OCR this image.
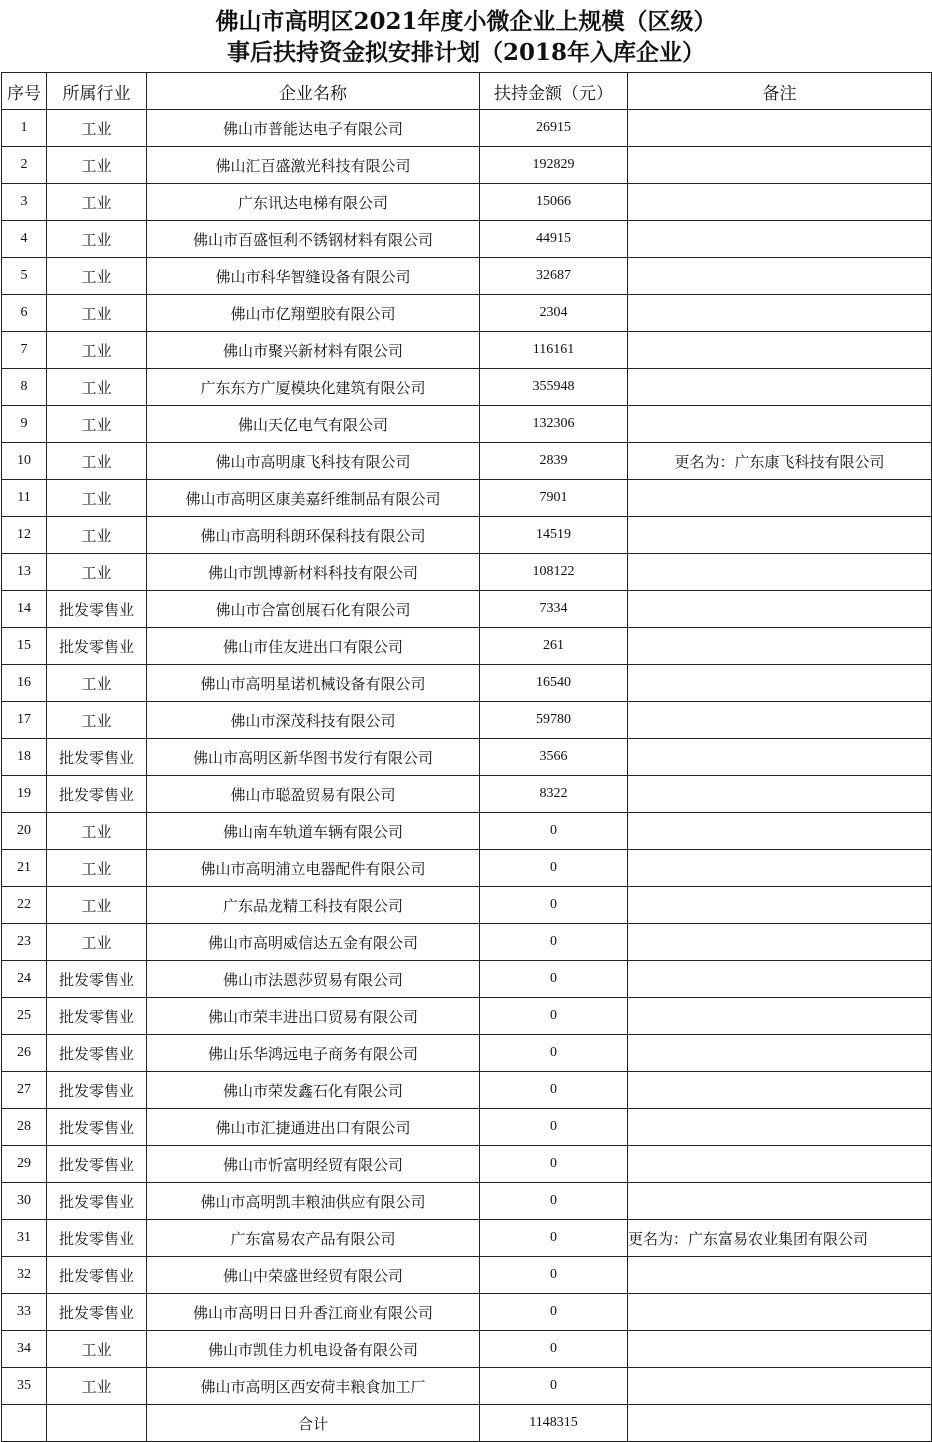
佛山市高明区2021年度小微企业上规模（区级）
事后扶持资金拟安排计划（2018年入库企业）
序号	所属行业	企业名称	扶持金额（元）	备注
1	工业	佛山市普能达电子有限公司	26915	
2	工业	佛山汇百盛激光科技有限公司	192829	
3	工业	广东讯达电梯有限公司	15066	
4	工业	佛山市百盛恒利不锈钢材料有限公司	44915	
5	工业	佛山市科华智缝设备有限公司	32687	
6	工业	佛山市亿翔塑胶有限公司	2304	
7	工业	佛山市聚兴新材料有限公司	116161	
8	工业	广东东方广厦模块化建筑有限公司	355948	
9	工业	佛山天亿电气有限公司	132306	
10	工业	佛山市高明康飞科技有限公司	2839	更名为：广东康飞科技有限公司
11	工业	佛山市高明区康美嘉纤维制品有限公司	7901	
12	工业	佛山市高明科朗环保科技有限公司	14519	
13	工业	佛山市凯博新材料科技有限公司	108122	
14	批发零售业	佛山市合富创展石化有限公司	7334	
15	批发零售业	佛山市佳友进出口有限公司	261	
16	工业	佛山市高明星诺机械设备有限公司	16540	
17	工业	佛山市深茂科技有限公司	59780	
18	批发零售业	佛山市高明区新华图书发行有限公司	3566	
19	批发零售业	佛山市聪盈贸易有限公司	8322	
20	工业	佛山南车轨道车辆有限公司	0	
21	工业	佛山市高明浦立电器配件有限公司	0	
22	工业	广东品龙精工科技有限公司	0	
23	工业	佛山市高明威信达五金有限公司	0	
24	批发零售业	佛山市法恩莎贸易有限公司	0	
25	批发零售业	佛山市荣丰进出口贸易有限公司	0	
26	批发零售业	佛山乐华鸿远电子商务有限公司	0	
27	批发零售业	佛山市荣发鑫石化有限公司	0	
28	批发零售业	佛山市汇捷通进出口有限公司	0	
29	批发零售业	佛山市忻富明经贸有限公司	0	
30	批发零售业	佛山市高明凯丰粮油供应有限公司	0	
31	批发零售业	广东富易农产品有限公司	0	更名为：广东富易农业集团有限公司
32	批发零售业	佛山中荣盛世经贸有限公司	0	
33	批发零售业	佛山市高明日日升香江商业有限公司	0	
34	工业	佛山市凯佳力机电设备有限公司	0	
35	工业	佛山市高明区西安荷丰粮食加工厂	0	
		合计	1148315	
